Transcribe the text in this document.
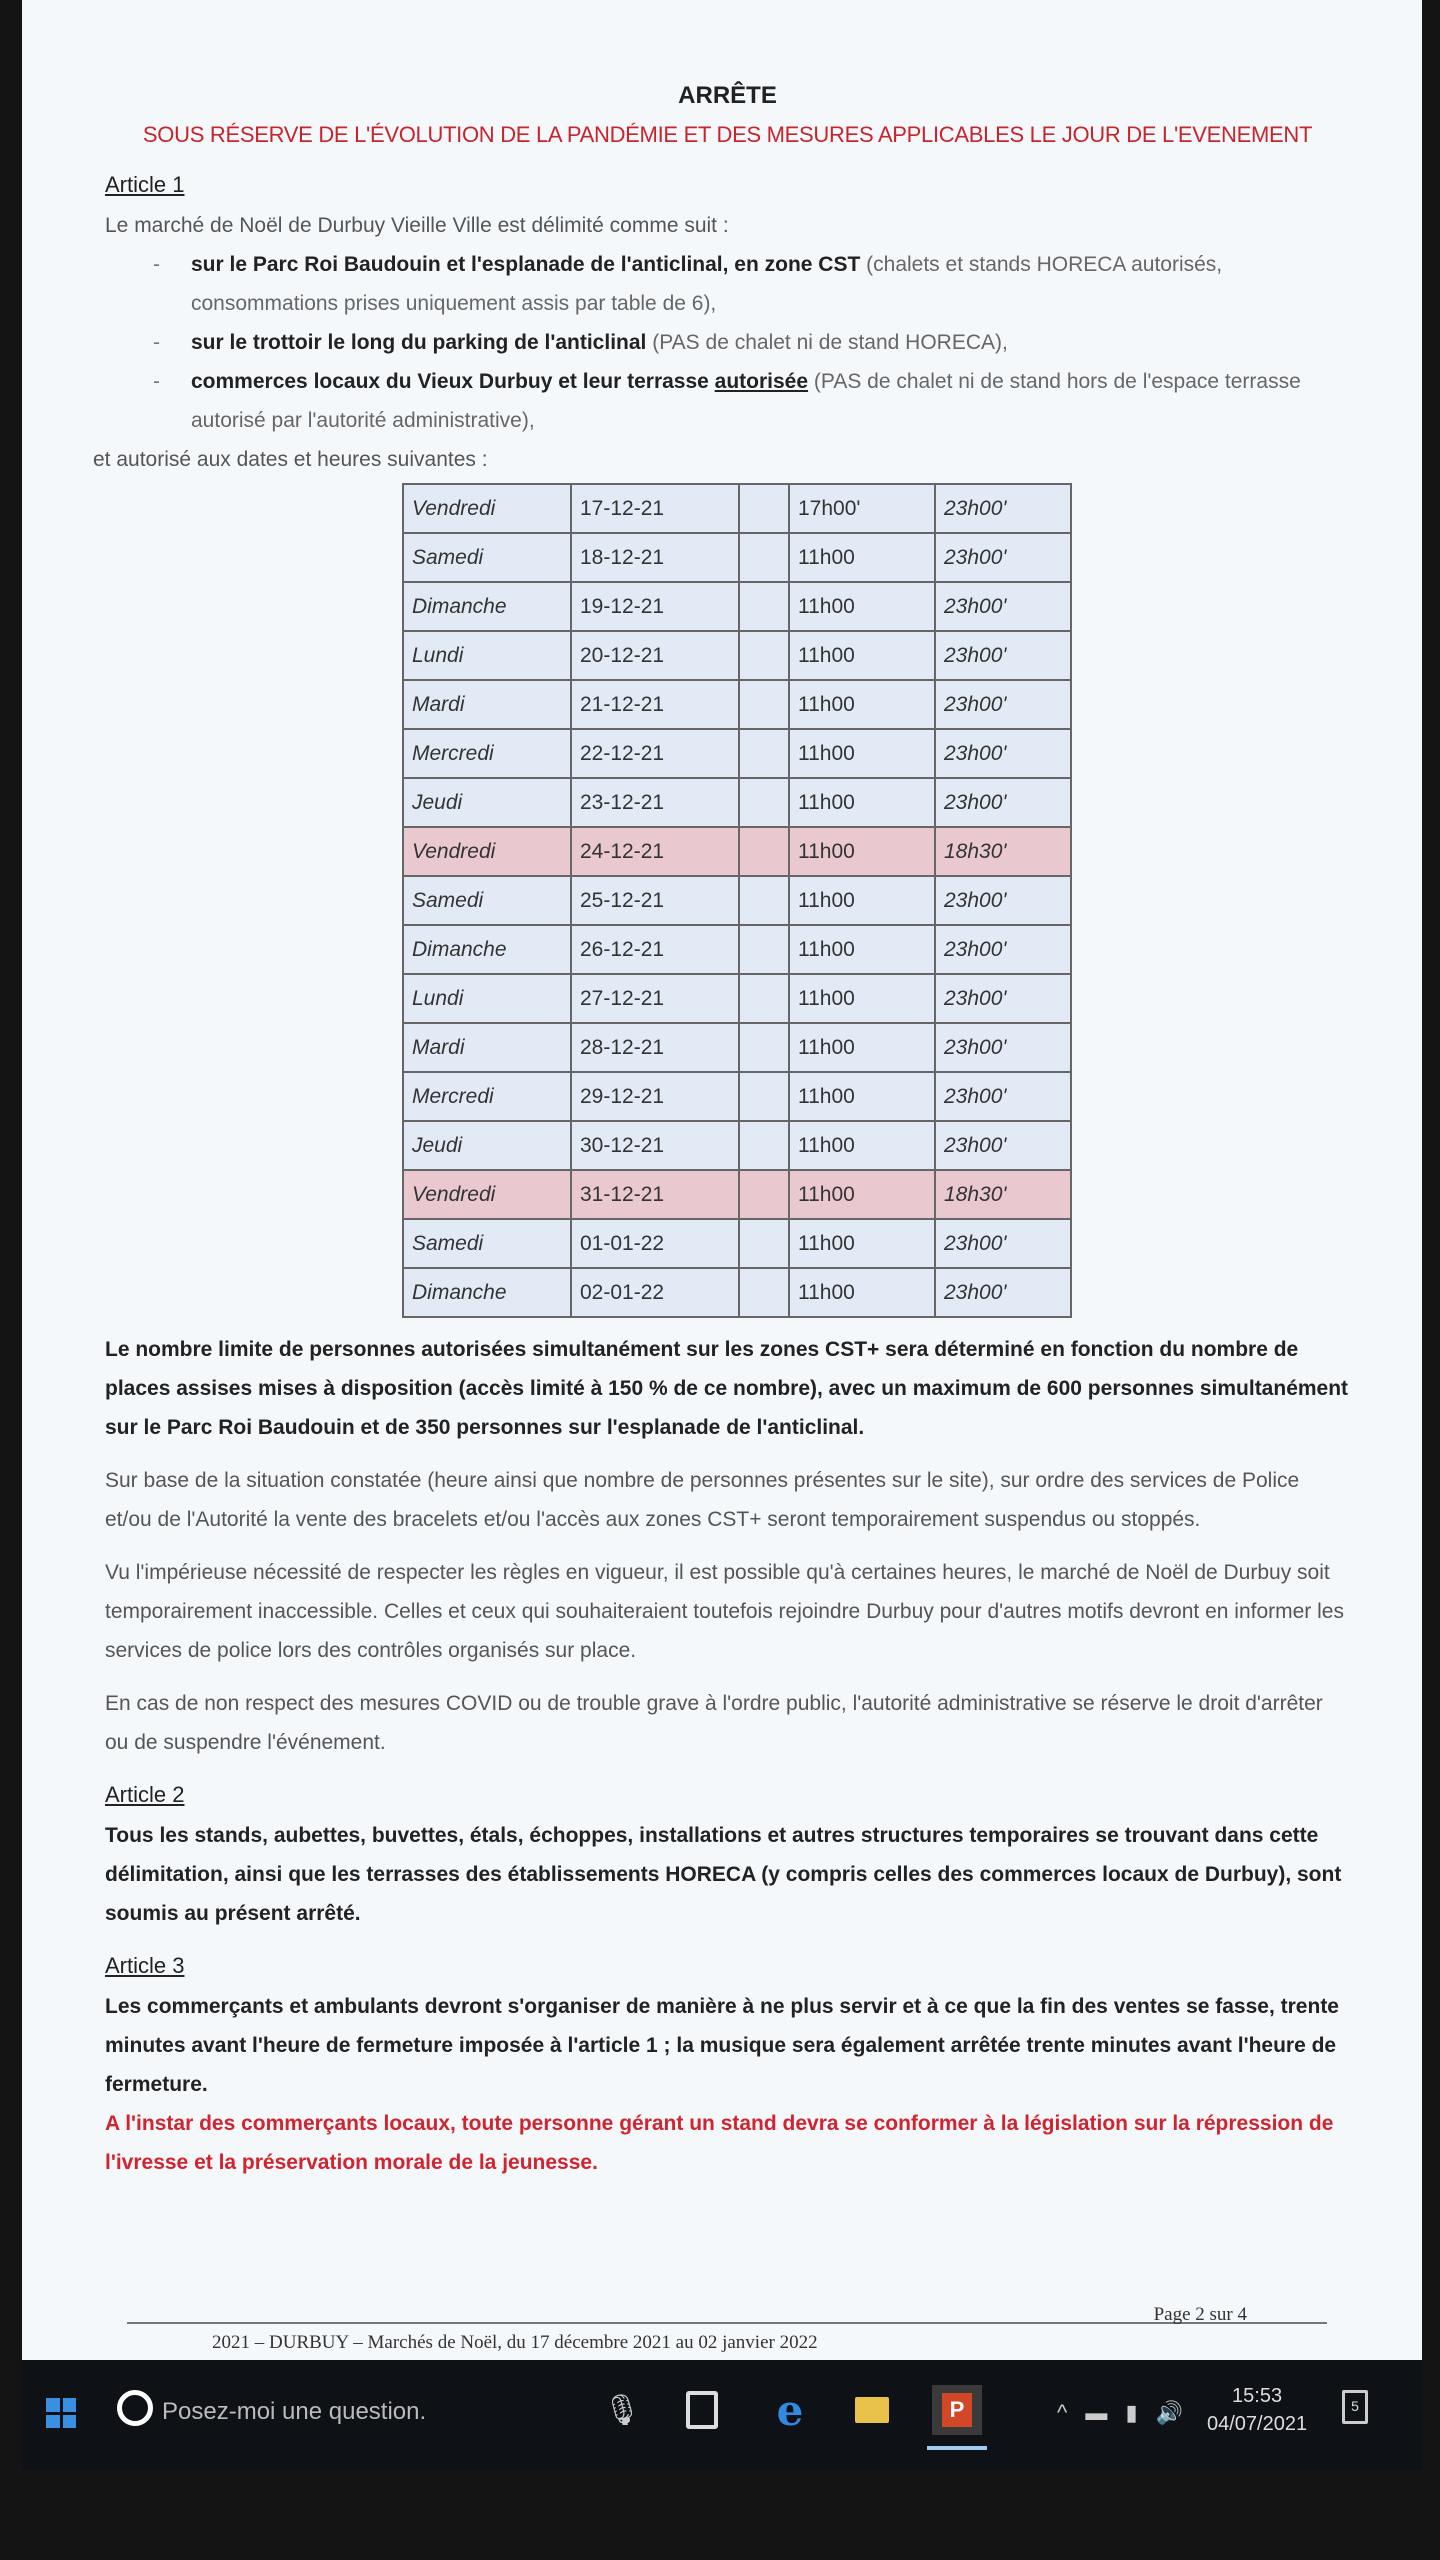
ARRÊTE
SOUS RÉSERVE DE L'ÉVOLUTION DE LA PANDÉMIE ET DES MESURES APPLICABLES LE JOUR DE L'EVENEMENT
Article 1

Le marché de Noël de Durbuy Vieille Ville est délimité comme suit :

- sur le Parc Roi Baudouin et l'esplanade de l'anticlinal, en zone CST (chalets et stands HORECA autorisés, consommations prises uniquement assis par table de 6),
- sur le trottoir le long du parking de l'anticlinal (PAS de chalet ni de stand HORECA),
- commerces locaux du Vieux Durbuy et leur terrasse autorisée (PAS de chalet ni de stand hors de l'espace terrasse autorisé par l'autorité administrative),

et autorisé aux dates et heures suivantes :

Vendredi	17-12-21		17h00'	23h00'
Samedi	18-12-21		11h00	23h00'
Dimanche	19-12-21		11h00	23h00'
Lundi	20-12-21		11h00	23h00'
Mardi	21-12-21		11h00	23h00'
Mercredi	22-12-21		11h00	23h00'
Jeudi	23-12-21		11h00	23h00'
Vendredi	24-12-21		11h00	18h30'
Samedi	25-12-21		11h00	23h00'
Dimanche	26-12-21		11h00	23h00'
Lundi	27-12-21		11h00	23h00'
Mardi	28-12-21		11h00	23h00'
Mercredi	29-12-21		11h00	23h00'
Jeudi	30-12-21		11h00	23h00'
Vendredi	31-12-21		11h00	18h30'
Samedi	01-01-22		11h00	23h00'
Dimanche	02-01-22		11h00	23h00'

Le nombre limite de personnes autorisées simultanément sur les zones CST+ sera déterminé en fonction du nombre de places assises mises à disposition (accès limité à 150 % de ce nombre), avec un maximum de 600 personnes simultanément sur le Parc Roi Baudouin et de 350 personnes sur l'esplanade de l'anticlinal.

Sur base de la situation constatée (heure ainsi que nombre de personnes présentes sur le site), sur ordre des services de Police et/ou de l'Autorité la vente des bracelets et/ou l'accès aux zones CST+ seront temporairement suspendus ou stoppés.

Vu l'impérieuse nécessité de respecter les règles en vigueur, il est possible qu'à certaines heures, le marché de Noël de Durbuy soit temporairement inaccessible. Celles et ceux qui souhaiteraient toutefois rejoindre Durbuy pour d'autres motifs devront en informer les services de police lors des contrôles organisés sur place.

En cas de non respect des mesures COVID ou de trouble grave à l'ordre public, l'autorité administrative se réserve le droit d'arrêter ou de suspendre l'événement.

Article 2

Tous les stands, aubettes, buvettes, étals, échoppes, installations et autres structures temporaires se trouvant dans cette délimitation, ainsi que les terrasses des établissements HORECA (y compris celles des commerces locaux de Durbuy), sont soumis au présent arrêté.

Article 3

Les commerçants et ambulants devront s'organiser de manière à ne plus servir et à ce que la fin des ventes se fasse, trente minutes avant l'heure de fermeture imposée à l'article 1 ; la musique sera également arrêtée trente minutes avant l'heure de fermeture.

A l'instar des commerçants locaux, toute personne gérant un stand devra se conformer à la législation sur la répression de l'ivresse et la préservation morale de la jeunesse.

Page 2 sur 4
2021 – DURBUY – Marchés de Noël, du 17 décembre 2021 au 02 janvier 2022
Posez-moi une question.	🎙	e P	^ ▬ ▮ 🔊
15:53
04/07/2021
5
